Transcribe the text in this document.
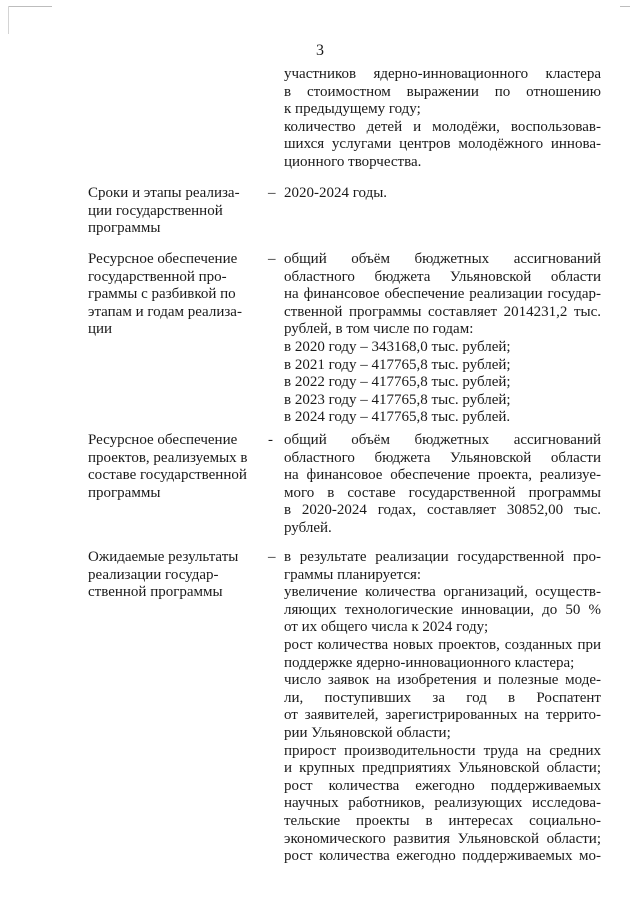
3
участников ядерно-инновационного кластера
в стоимостном выражении по отношению
к предыдущему году;
количество детей и молодёжи, воспользовав-
шихся услугами центров молодёжного иннова-
ционного творчества.
Сроки и этапы реализа-
ции государственной
программы
– 2020-2024 годы.
Ресурсное обеспечение
государственной про-
граммы с разбивкой по
этапам и годам реализа-
ции
– общий объём бюджетных ассигнований
областного бюджета Ульяновской области
на финансовое обеспечение реализации государ-
ственной программы составляет 2014231,2 тыс.
рублей, в том числе по годам:
в 2020 году – 343168,0 тыс. рублей;
в 2021 году – 417765,8 тыс. рублей;
в 2022 году – 417765,8 тыс. рублей;
в 2023 году – 417765,8 тыс. рублей;
в 2024 году – 417765,8 тыс. рублей.
Ресурсное обеспечение
проектов, реализуемых в
составе государственной
программы
- общий объём бюджетных ассигнований
областного бюджета Ульяновской области
на финансовое обеспечение проекта, реализуе-
мого в составе государственной программы
в 2020-2024 годах, составляет 30852,00 тыс.
рублей.
Ожидаемые результаты
реализации государ-
ственной программы
– в результате реализации государственной про-
граммы планируется:
увеличение количества организаций, осуществ-
ляющих технологические инновации, до 50 %
от их общего числа к 2024 году;
рост количества новых проектов, созданных при
поддержке ядерно-инновационного кластера;
число заявок на изобретения и полезные моде-
ли, поступивших за год в Роспатент
от заявителей, зарегистрированных на террито-
рии Ульяновской области;
прирост производительности труда на средних
и крупных предприятиях Ульяновской области;
рост количества ежегодно поддерживаемых
научных работников, реализующих исследова-
тельские проекты в интересах социально-
экономического развития Ульяновской области;
рост количества ежегодно поддерживаемых мо-
